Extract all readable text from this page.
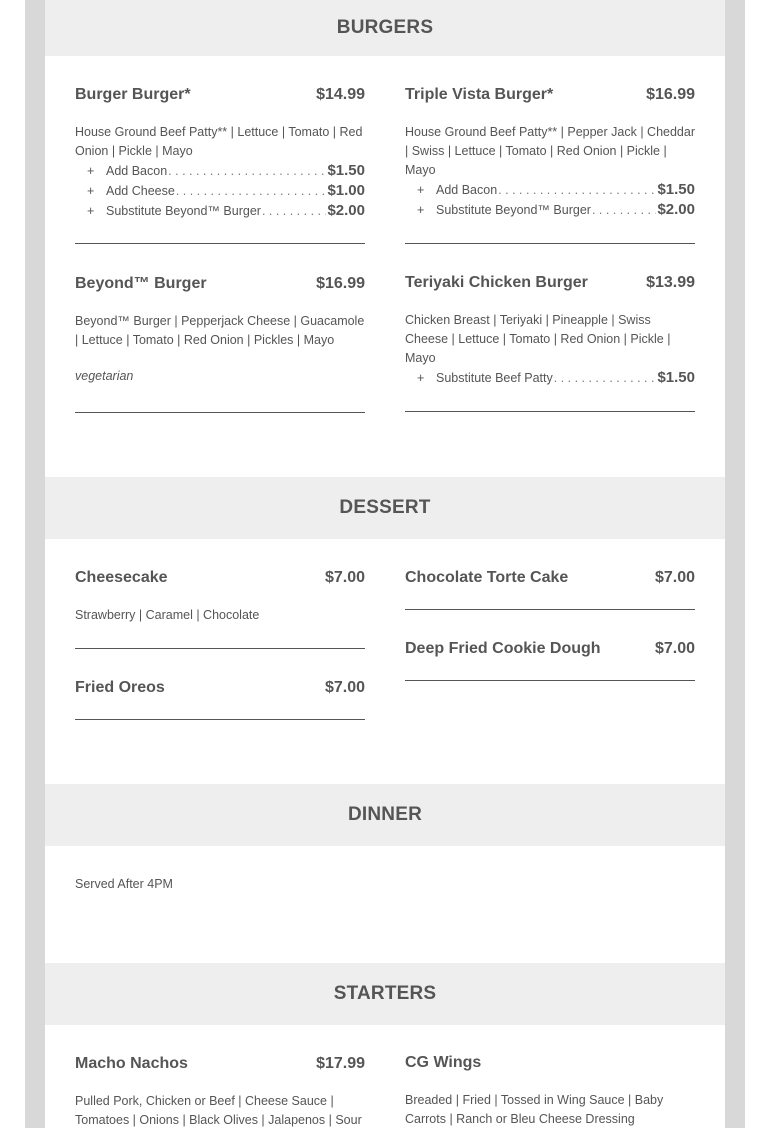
BURGERS
Burger Burger*	$14.99
House Ground Beef Patty** | Lettuce | Tomato | Red Onion | Pickle | Mayo
+ Add Bacon . . .	$1.50
+ Add Cheese . . .	$1.00
+ Substitute Beyond™ Burger . . .	$2.00
Triple Vista Burger*	$16.99
House Ground Beef Patty** | Pepper Jack | Cheddar | Swiss | Lettuce | Tomato | Red Onion | Pickle | Mayo
+ Add Bacon . . .	$1.50
+ Substitute Beyond™ Burger . . .	$2.00
Beyond™ Burger	$16.99
Beyond™ Burger | Pepperjack Cheese | Guacamole | Lettuce | Tomato | Red Onion | Pickles | Mayo
vegetarian
Teriyaki Chicken Burger	$13.99
Chicken Breast | Teriyaki | Pineapple | Swiss Cheese | Lettuce | Tomato | Red Onion | Pickle | Mayo
+ Substitute Beef Patty . . .	$1.50
DESSERT
Cheesecake	$7.00
Strawberry | Caramel | Chocolate
Chocolate Torte Cake	$7.00
Fried Oreos	$7.00
Deep Fried Cookie Dough	$7.00
DINNER
Served After 4PM
STARTERS
Macho Nachos	$17.99
Pulled Pork, Chicken or Beef | Cheese Sauce | Tomatoes | Onions | Black Olives | Jalapenos | Sour
CG Wings
Breaded | Fried | Tossed in Wing Sauce | Baby Carrots | Ranch or Bleu Cheese Dressing
